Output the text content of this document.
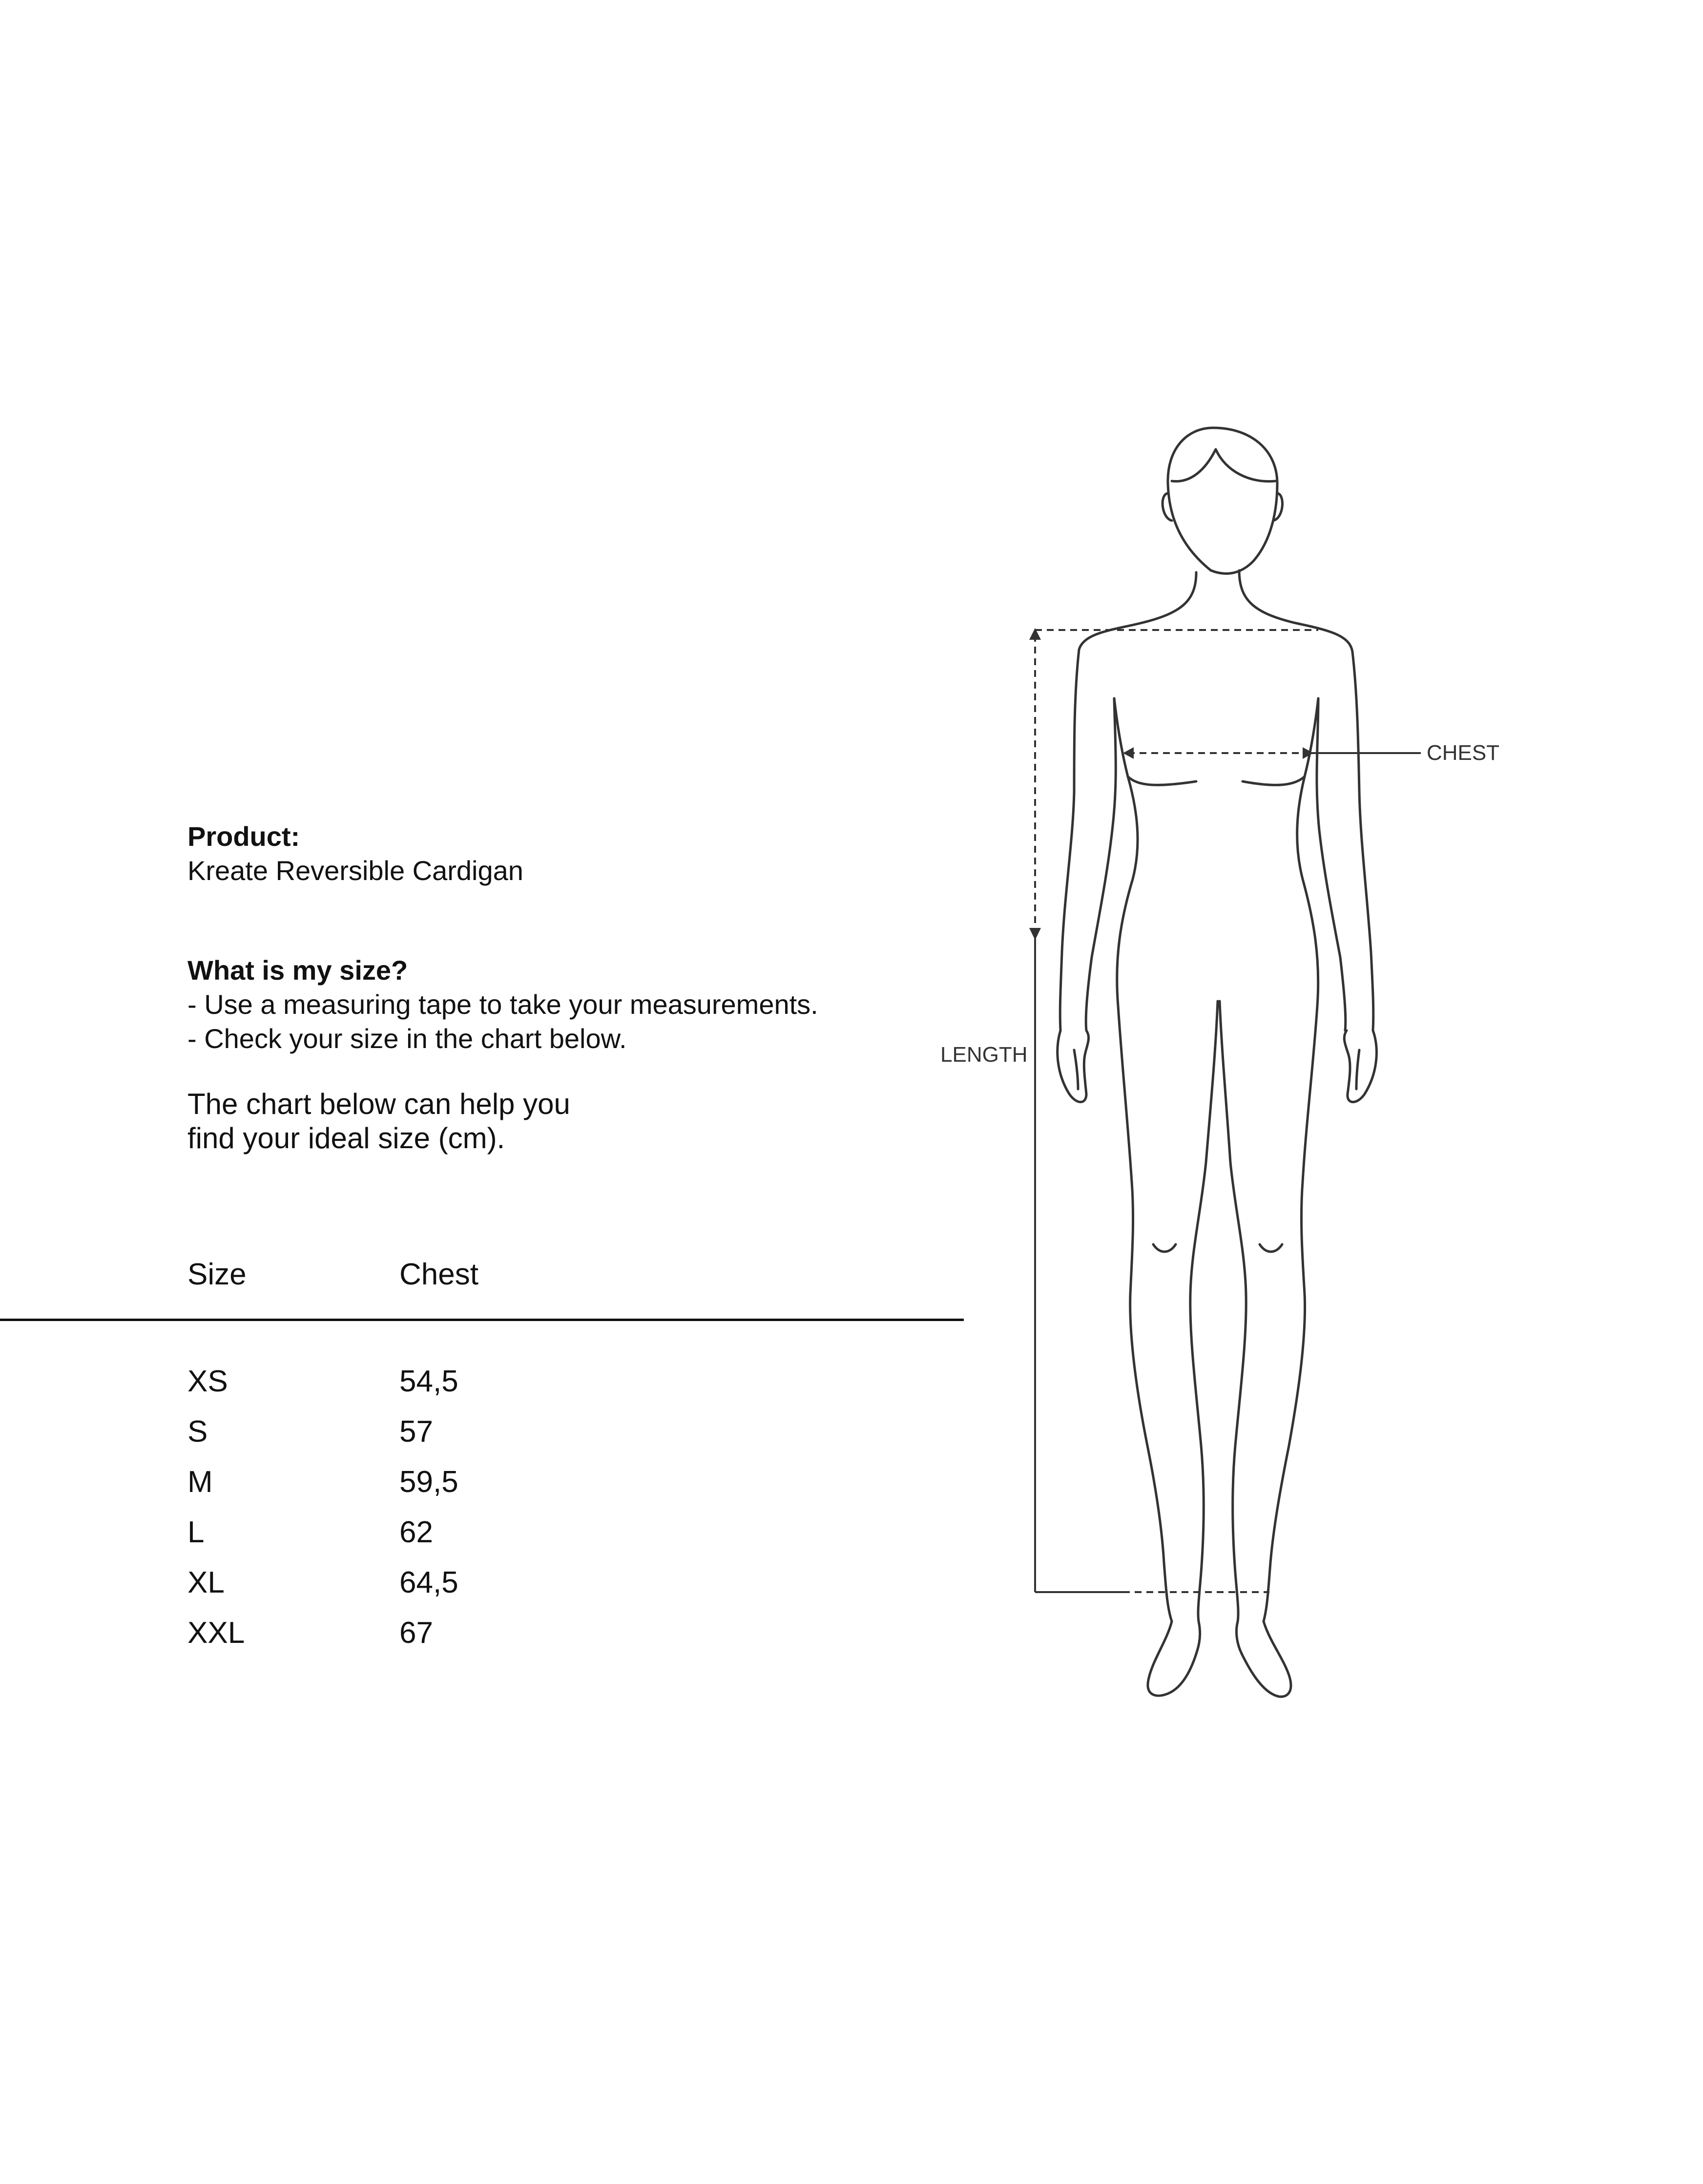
CHEST
LENGTH
Product:
Kreate Reversible Cardigan
What is my size?
- Use a measuring tape to take your measurements.
- Check your size in the chart below.
The chart below can help you
find your ideal size (cm).
Size	Chest
XS	54,5
S	57
M	59,5
L	62
XL	64,5
XXL	67
